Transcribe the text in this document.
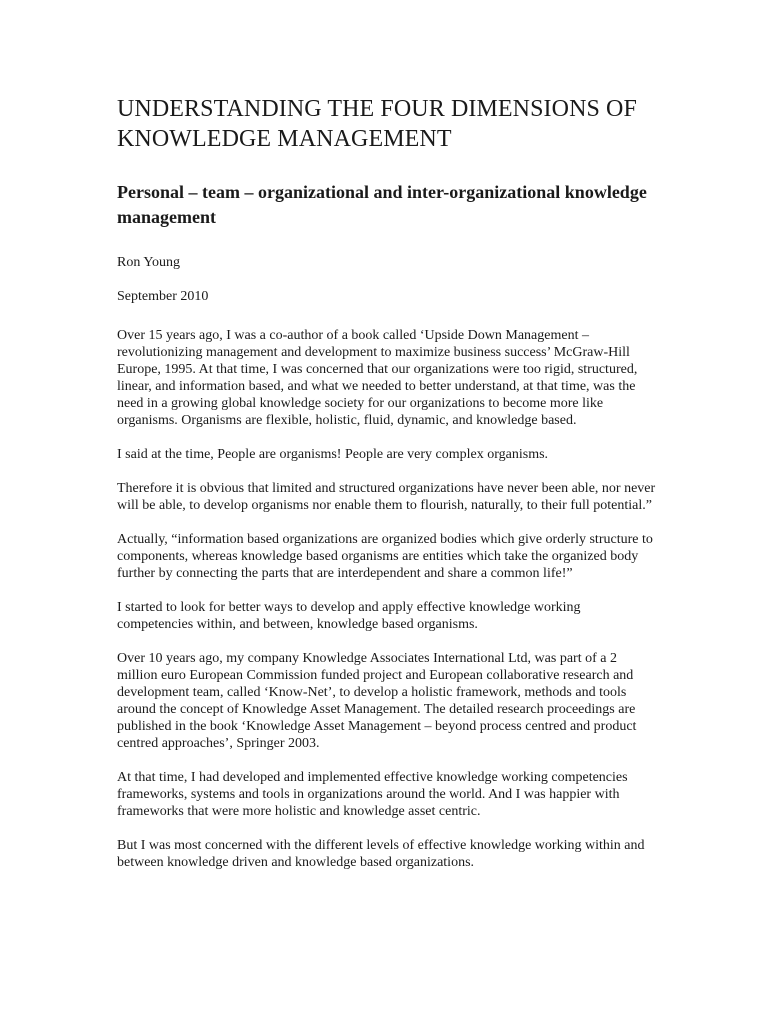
UNDERSTANDING THE FOUR DIMENSIONS OF KNOWLEDGE MANAGEMENT
Personal – team – organizational and inter-organizational knowledge management

Ron Young

September 2010

Over 15 years ago, I was a co-author of a book called ‘Upside Down Management – revolutionizing management and development to maximize business success’ McGraw-Hill Europe, 1995. At that time, I was concerned that our organizations were too rigid, structured, linear, and information based, and what we needed to better understand, at that time, was the need in a growing global knowledge society for our organizations to become more like organisms. Organisms are flexible, holistic, fluid, dynamic, and knowledge based.

I said at the time, People are organisms! People are very complex organisms.

Therefore it is obvious that limited and structured organizations have never been able, nor never will be able, to develop organisms nor enable them to flourish, naturally, to their full potential.”

Actually, “information based organizations are organized bodies which give orderly structure to components, whereas knowledge based organisms are entities which take the organized body further by connecting the parts that are interdependent and share a common life!”

I started to look for better ways to develop and apply effective knowledge working competencies within, and between, knowledge based organisms.

Over 10 years ago, my company Knowledge Associates International Ltd, was part of a 2 million euro European Commission funded project and European collaborative research and development team, called ‘Know-Net’, to develop a holistic framework, methods and tools around the concept of Knowledge Asset Management. The detailed research proceedings are published in the book ‘Knowledge Asset Management – beyond process centred and product centred approaches’, Springer 2003.

At that time, I had developed and implemented effective knowledge working competencies frameworks, systems and tools in organizations around the world. And I was happier with frameworks that were more holistic and knowledge asset centric.

But I was most concerned with the different levels of effective knowledge working within and between knowledge driven and knowledge based organizations.
